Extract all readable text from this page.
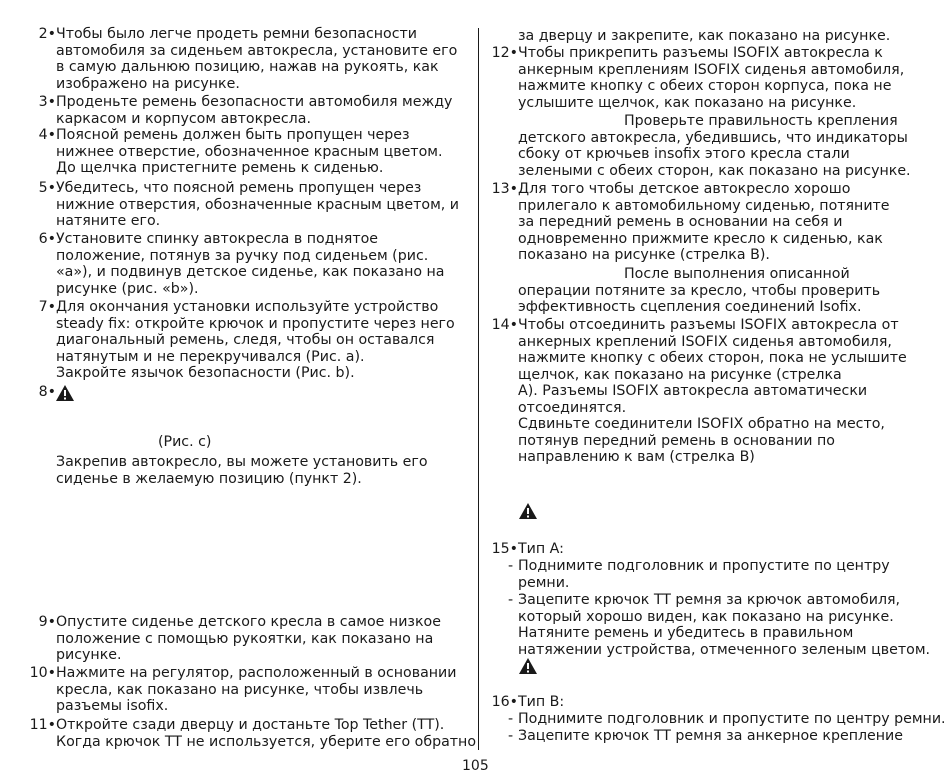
2• Чтобы было легче продеть ремни безопасности
автомобиля за сиденьем автокресла, установите его
в самую дальнюю позицию, нажав на рукоять, как
изображено на рисунке.
3• Проденьте ремень безопасности автомобиля между
каркасом и корпусом автокресла.
4• Поясной ремень должен быть пропущен через
нижнее отверстие, обозначенное красным цветом.
До щелчка пристегните ремень к сиденью.
5• Убедитесь, что поясной ремень пропущен через
нижние отверстия, обозначенные красным цветом, и
натяните его.
6• Установите спинку автокресла в поднятое
положение, потянув за ручку под сиденьем (рис.
«a»), и подвинув детское сиденье, как показано на
рисунке (рис. «b»).
7• Для окончания установки используйте устройство
steady fix: откройте крючок и пропустите через него
диагональный ремень, следя, чтобы он оставался
натянутым и не перекручивался (Рис. a).
Закройте язычок безопасности (Рис. b).
8•
(Рис. c)
Закрепив автокресло, вы можете установить его
сиденье в желаемую позицию (пункт 2).
9• Опустите сиденье детского кресла в самое низкое
положение с помощью рукоятки, как показано на
рисунке.
10• Нажмите на регулятор, расположенный в основании
кресла, как показано на рисунке, чтобы извлечь
разъемы isofix.
11• Откройте сзади дверцу и достаньте Top Tether (TT).
Когда крючок TT не используется, уберите его обратно
за дверцу и закрепите, как показано на рисунке.
12• Чтобы прикрепить разъемы ISOFIX автокресла к
анкерным креплениям ISOFIX сиденья автомобиля,
нажмите кнопку с обеих сторон корпуса, пока не
услышите щелчок, как показано на рисунке.
Проверьте правильность крепления
детского автокресла, убедившись, что индикаторы
сбоку от крючьев insofix этого кресла стали
зелеными с обеих сторон, как показано на рисунке.
13• Для того чтобы детское автокресло хорошо
прилегало к автомобильному сиденью, потяните
за передний ремень в основании на себя и
одновременно прижмите кресло к сиденью, как
показано на рисунке (стрелка B).
После выполнения описанной
операции потяните за кресло, чтобы проверить
эффективность сцепления соединений Isofix.
14• Чтобы отсоединить разъемы ISOFIX автокресла от
анкерных креплений ISOFIX сиденья автомобиля,
нажмите кнопку с обеих сторон, пока не услышите
щелчок, как показано на рисунке (стрелка
A). Разъемы ISOFIX автокресла автоматически
отсоединятся.
Сдвиньте соединители ISOFIX обратно на место,
потянув передний ремень в основании по
направлению к вам (стрелка B)
15• Тип A:
- Поднимите подголовник и пропустите по центру
ремни.
- Зацепите крючок TT ремня за крючок автомобиля,
который хорошо виден, как показано на рисунке.
Натяните ремень и убедитесь в правильном
натяжении устройства, отмеченного зеленым цветом.
16• Тип B:
- Поднимите подголовник и пропустите по центру ремни.
- Зацепите крючок TT ремня за анкерное крепление
105
